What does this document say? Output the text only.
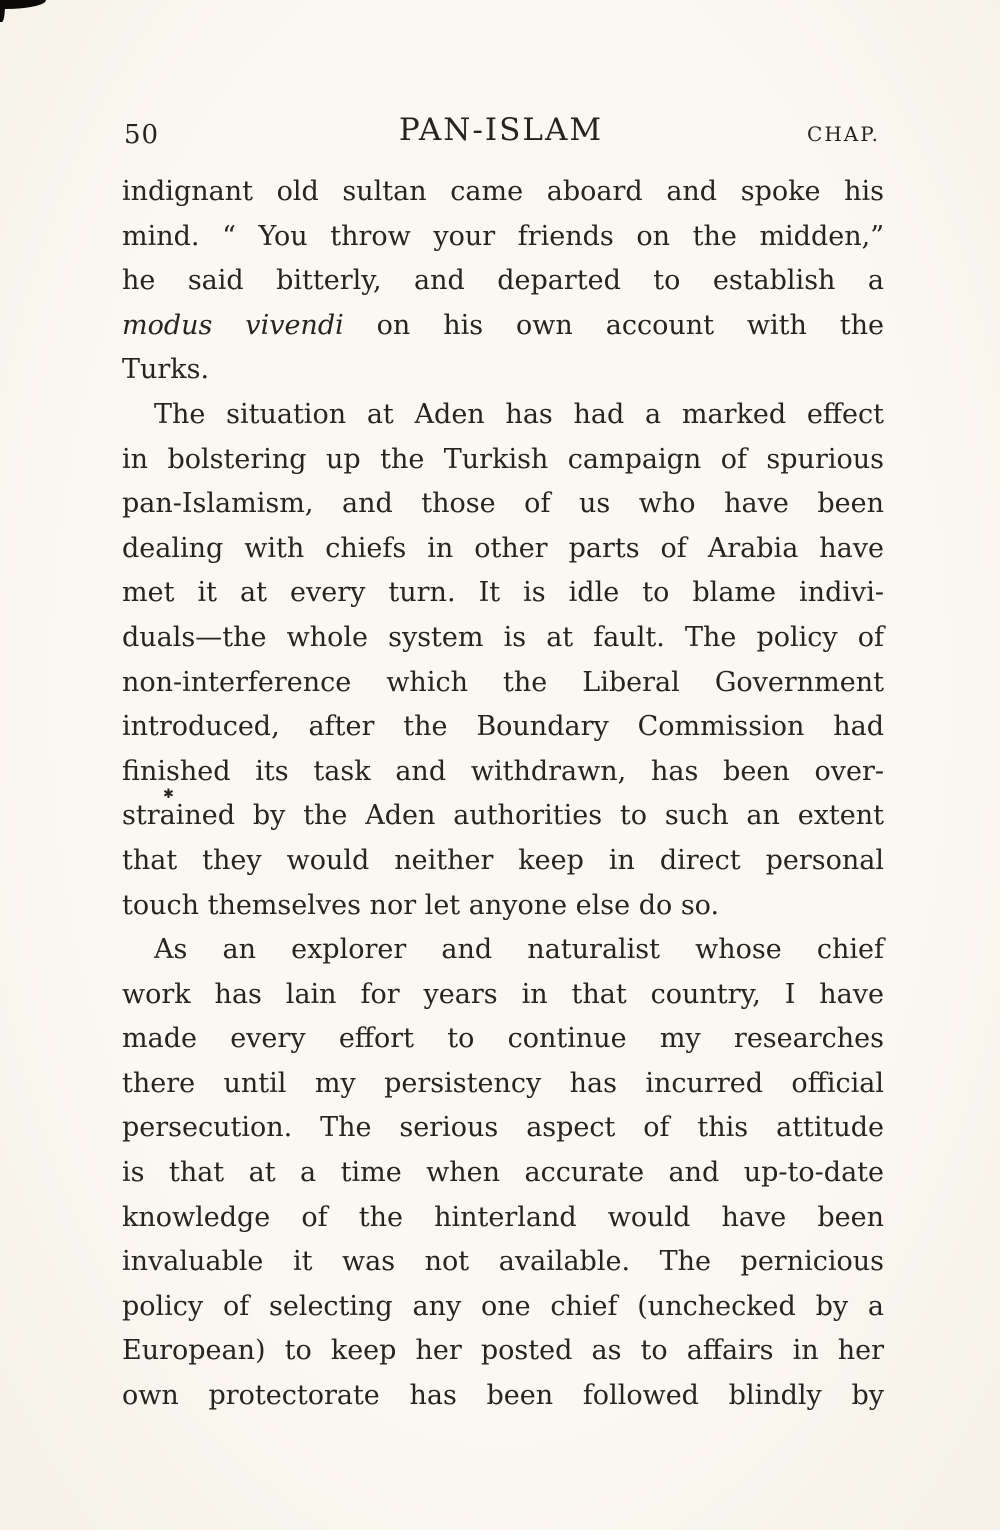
50	PAN-ISLAM	CHAP.
✱
indignant old sultan came aboard and spoke his
mind. “ You throw your friends on the midden,”
he said bitterly, and departed to establish a
modus vivendi on his own account with the
Turks.
The situation at Aden has had a marked effect
in bolstering up the Turkish campaign of spurious
pan-Islamism, and those of us who have been
dealing with chiefs in other parts of Arabia have
met it at every turn. It is idle to blame indivi-
duals—the whole system is at fault. The policy of
non-interference which the Liberal Government
introduced, after the Boundary Commission had
finished its task and withdrawn, has been over-
strained by the Aden authorities to such an extent
that they would neither keep in direct personal
touch themselves nor let anyone else do so.
As an explorer and naturalist whose chief
work has lain for years in that country, I have
made every effort to continue my researches
there until my persistency has incurred official
persecution. The serious aspect of this attitude
is that at a time when accurate and up-to-date
knowledge of the hinterland would have been
invaluable it was not available. The pernicious
policy of selecting any one chief (unchecked by a
European) to keep her posted as to affairs in her
own protectorate has been followed blindly by
